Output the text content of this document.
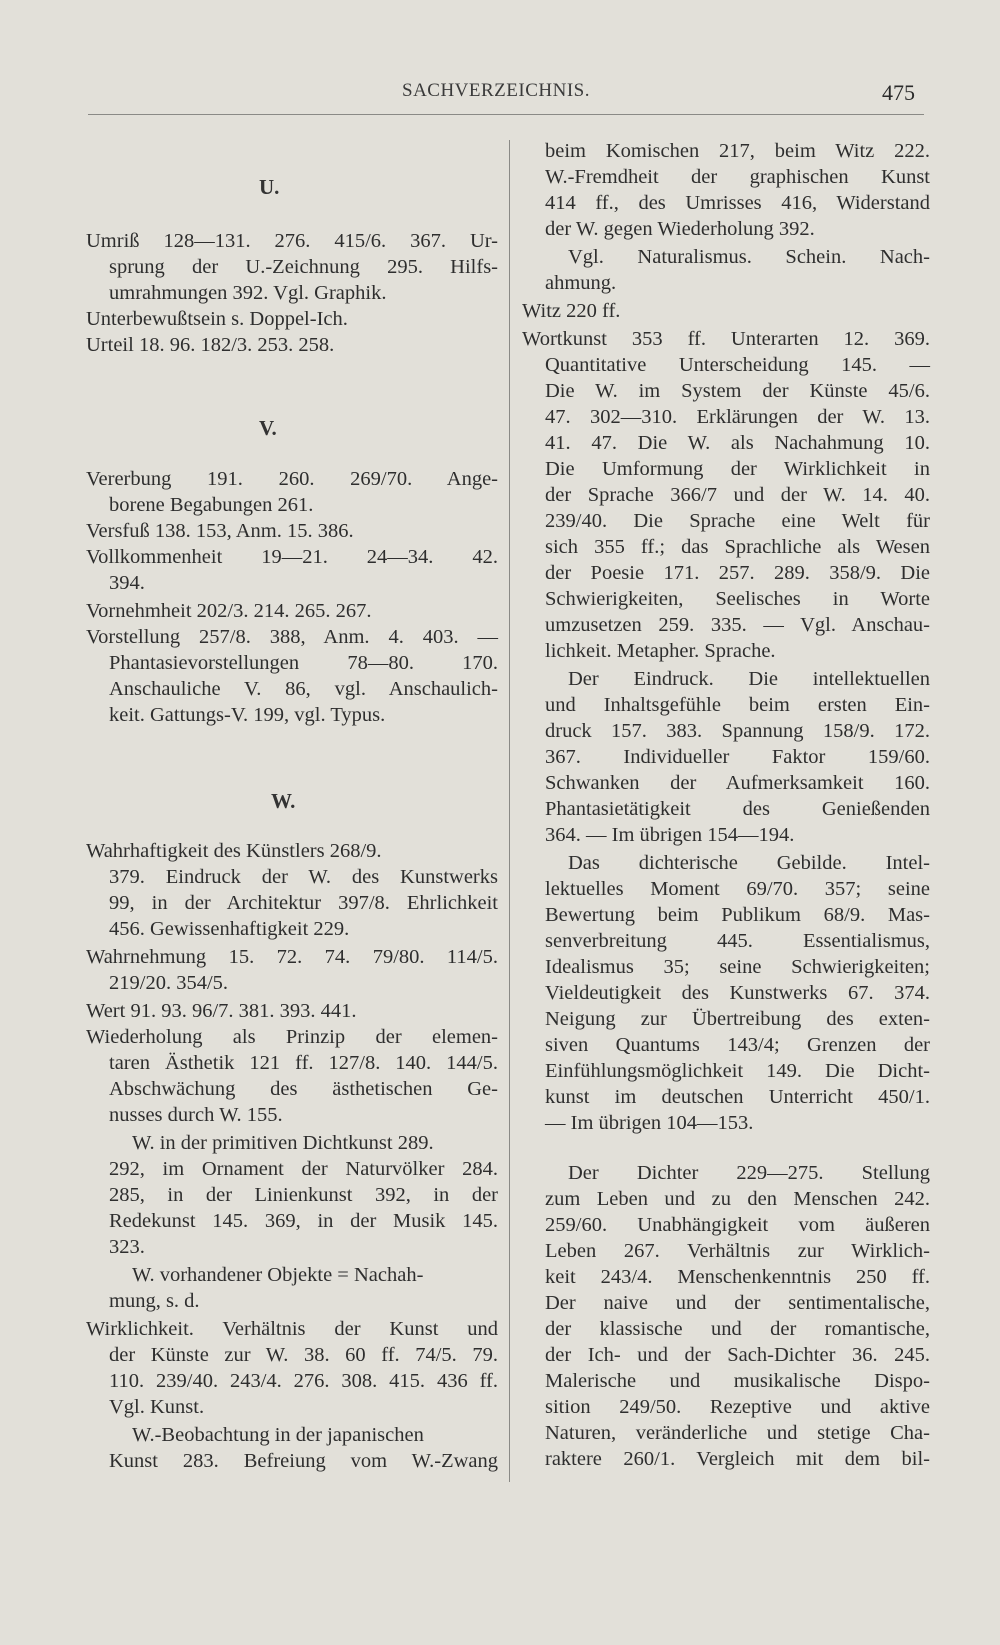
SACHVERZEICHNIS.	475
U.
Umriß 128—131. 276. 415/6. 367. Ur-
sprung der U.-Zeichnung 295. Hilfs-
umrahmungen 392. Vgl. Graphik.
Unterbewußtsein s. Doppel-Ich.
Urteil 18. 96. 182/3. 253. 258.
V.
Vererbung 191. 260. 269/70. Ange-
borene Begabungen 261.
Versfuß 138. 153, Anm. 15. 386.
Vollkommenheit 19—21. 24—34. 42.
394.
Vornehmheit 202/3. 214. 265. 267.
Vorstellung 257/8. 388, Anm. 4. 403. —
Phantasievorstellungen 78—80. 170.
Anschauliche V. 86, vgl. Anschaulich-
keit. Gattungs-V. 199, vgl. Typus.
W.
Wahrhaftigkeit des Künstlers 268/9.
379. Eindruck der W. des Kunstwerks
99, in der Architektur 397/8. Ehrlichkeit
456. Gewissenhaftigkeit 229.
Wahrnehmung 15. 72. 74. 79/80. 114/5.
219/20. 354/5.
Wert 91. 93. 96/7. 381. 393. 441.
Wiederholung als Prinzip der elemen-
taren Ästhetik 121 ff. 127/8. 140. 144/5.
Abschwächung des ästhetischen Ge-
nusses durch W. 155.
W. in der primitiven Dichtkunst 289.
292, im Ornament der Naturvölker 284.
285, in der Linienkunst 392, in der
Redekunst 145. 369, in der Musik 145.
323.
W. vorhandener Objekte = Nachah-
mung, s. d.
Wirklichkeit. Verhältnis der Kunst und
der Künste zur W. 38. 60 ff. 74/5. 79.
110. 239/40. 243/4. 276. 308. 415. 436 ff.
Vgl. Kunst.
W.-Beobachtung in der japanischen
Kunst 283. Befreiung vom W.-Zwang
beim Komischen 217, beim Witz 222.
W.-Fremdheit der graphischen Kunst
414 ff., des Umrisses 416, Widerstand
der W. gegen Wiederholung 392.
Vgl. Naturalismus. Schein. Nach-
ahmung.
Witz 220 ff.
Wortkunst 353 ff. Unterarten 12. 369.
Quantitative Unterscheidung 145. —
Die W. im System der Künste 45/6.
47. 302—310. Erklärungen der W. 13.
41. 47. Die W. als Nachahmung 10.
Die Umformung der Wirklichkeit in
der Sprache 366/7 und der W. 14. 40.
239/40. Die Sprache eine Welt für
sich 355 ff.; das Sprachliche als Wesen
der Poesie 171. 257. 289. 358/9. Die
Schwierigkeiten, Seelisches in Worte
umzusetzen 259. 335. — Vgl. Anschau-
lichkeit. Metapher. Sprache.
Der Eindruck. Die intellektuellen
und Inhaltsgefühle beim ersten Ein-
druck 157. 383. Spannung 158/9. 172.
367. Individueller Faktor 159/60.
Schwanken der Aufmerksamkeit 160.
Phantasietätigkeit des Genießenden
364. — Im übrigen 154—194.
Das dichterische Gebilde. Intel-
lektuelles Moment 69/70. 357; seine
Bewertung beim Publikum 68/9. Mas-
senverbreitung 445. Essentialismus,
Idealismus 35; seine Schwierigkeiten;
Vieldeutigkeit des Kunstwerks 67. 374.
Neigung zur Übertreibung des exten-
siven Quantums 143/4; Grenzen der
Einfühlungsmöglichkeit 149. Die Dicht-
kunst im deutschen Unterricht 450/1.
— Im übrigen 104—153.
Der Dichter 229—275. Stellung
zum Leben und zu den Menschen 242.
259/60. Unabhängigkeit vom äußeren
Leben 267. Verhältnis zur Wirklich-
keit 243/4. Menschenkenntnis 250 ff.
Der naive und der sentimentalische,
der klassische und der romantische,
der Ich- und der Sach-Dichter 36. 245.
Malerische und musikalische Dispo-
sition 249/50. Rezeptive und aktive
Naturen, veränderliche und stetige Cha-
raktere 260/1. Vergleich mit dem bil-
